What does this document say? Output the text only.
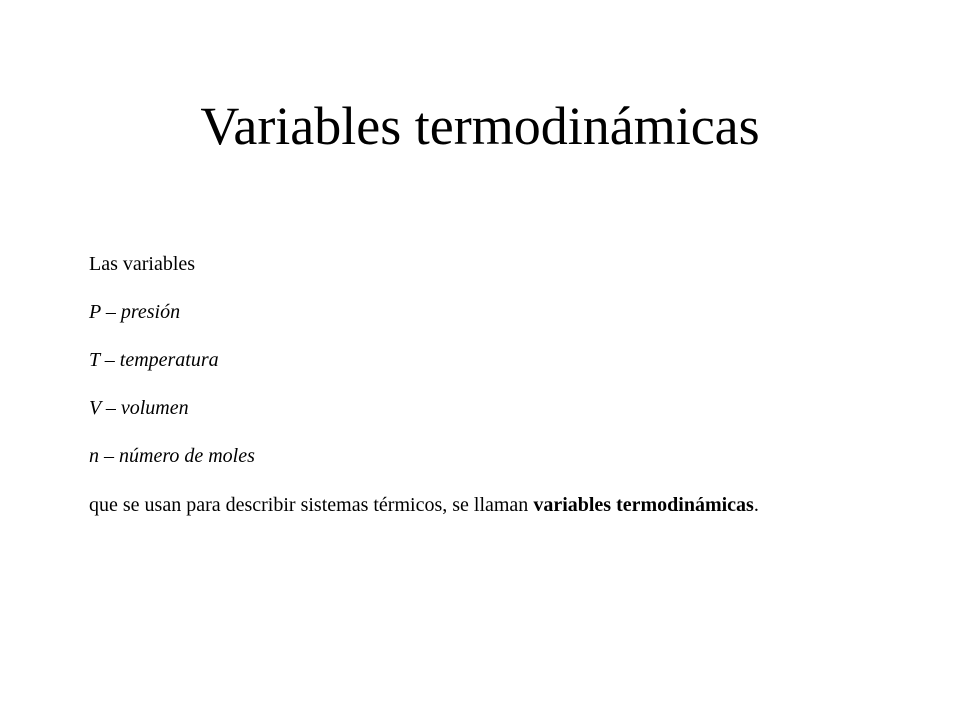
Variables termodinámicas

Las variables

P – presión

T – temperatura

V – volumen

n – número de moles

que se usan para describir sistemas térmicos, se llaman variables termodinámicas.
